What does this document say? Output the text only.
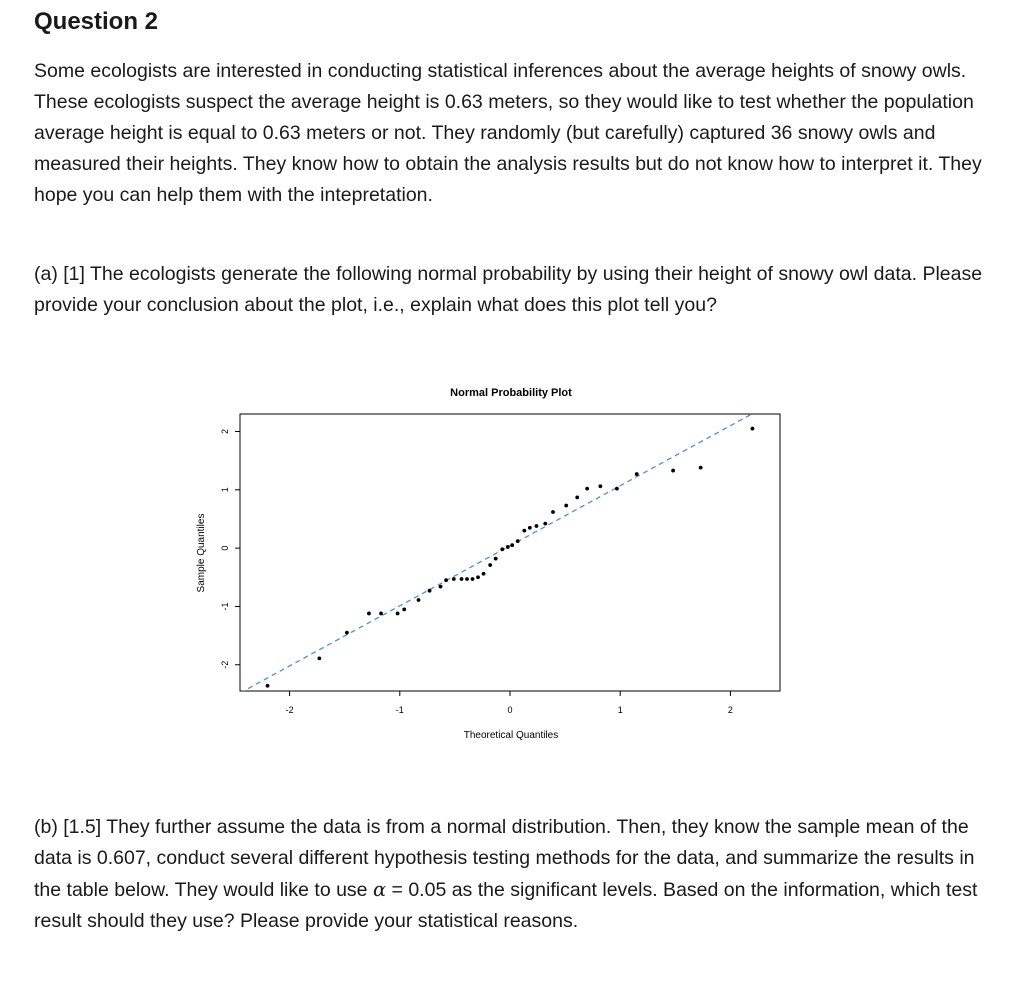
Question 2

Some ecologists are interested in conducting statistical inferences about the average heights of snowy owls. These ecologists suspect the average height is 0.63 meters, so they would like to test whether the population average height is equal to 0.63 meters or not. They randomly (but carefully) captured 36 snowy owls and measured their heights. They know how to obtain the analysis results but do not know how to interpret it. They hope you can help them with the intepretation.

(a) [1] The ecologists generate the following normal probability by using their height of snowy owl data. Please provide your conclusion about the plot, i.e., explain what does this plot tell you?

Normal Probability Plot
-2	-1	0	1	2
-2
-1
0
1
2
Theoretical Quantiles
Sample Quantiles

(b) [1.5] They further assume the data is from a normal distribution. Then, they know the sample mean of the data is 0.607, conduct several different hypothesis testing methods for the data, and summarize the results in the table below. They would like to use α = 0.05 as the significant levels. Based on the information, which test result should they use? Please provide your statistical reasons.
